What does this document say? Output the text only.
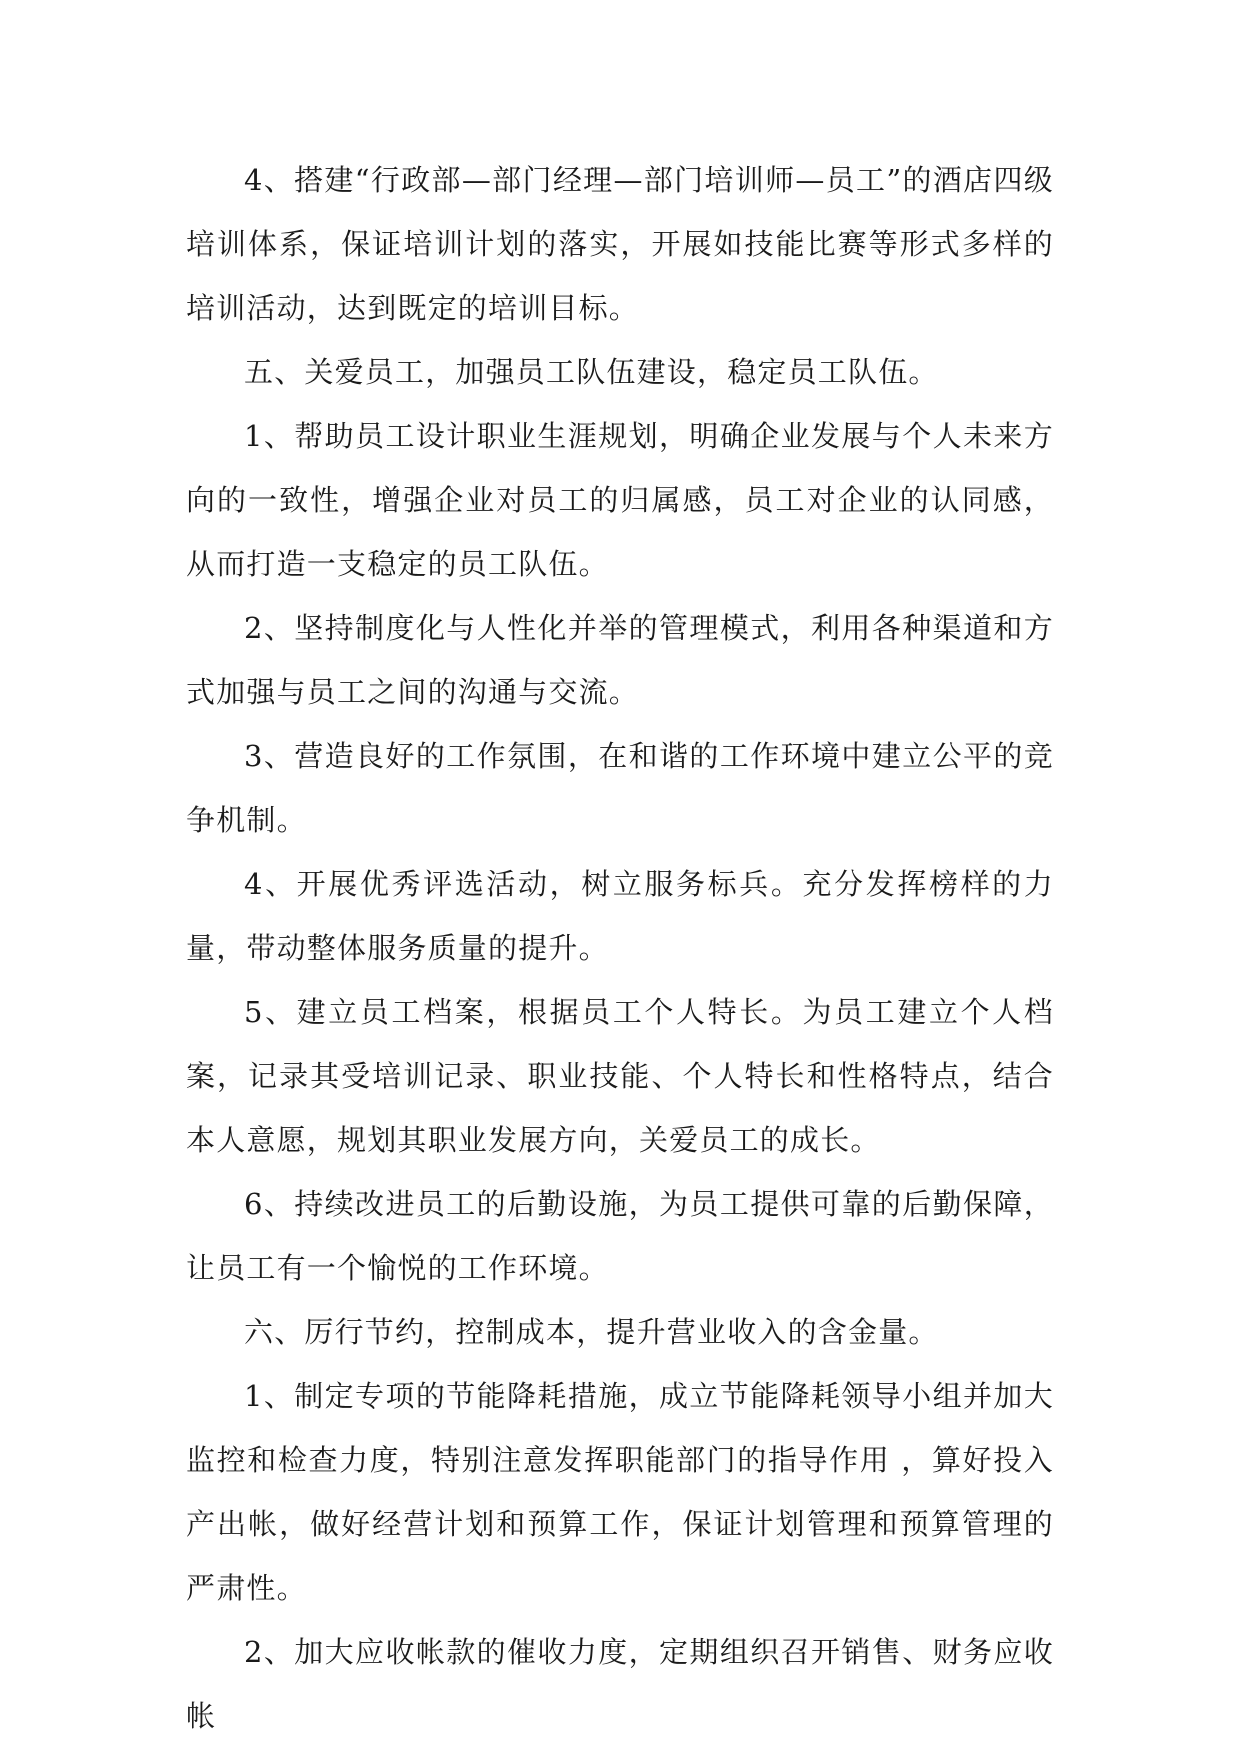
4、搭建“行政部—部门经理—部门培训师—员工”的酒店四级培训体系，保证培训计划的落实，开展如技能比赛等形式多样的培训活动，达到既定的培训目标。

五、关爱员工，加强员工队伍建设，稳定员工队伍。

1、帮助员工设计职业生涯规划，明确企业发展与个人未来方向的一致性，增强企业对员工的归属感，员工对企业的认同感，从而打造一支稳定的员工队伍。

2、坚持制度化与人性化并举的管理模式，利用各种渠道和方式加强与员工之间的沟通与交流。

3、营造良好的工作氛围，在和谐的工作环境中建立公平的竞争机制。

4、开展优秀评选活动，树立服务标兵。充分发挥榜样的力量，带动整体服务质量的提升。

5、建立员工档案，根据员工个人特长。为员工建立个人档案，记录其受培训记录、职业技能、个人特长和性格特点，结合本人意愿，规划其职业发展方向，关爱员工的成长。

6、持续改进员工的后勤设施，为员工提供可靠的后勤保障，让员工有一个愉悦的工作环境。

六、厉行节约，控制成本，提升营业收入的含金量。

1、制定专项的节能降耗措施，成立节能降耗领导小组并加大监控和检查力度，特别注意发挥职能部门的指导作用 ，算好投入产出帐，做好经营计划和预算工作，保证计划管理和预算管理的严肃性。

2、加大应收帐款的催收力度，定期组织召开销售、财务应收帐
